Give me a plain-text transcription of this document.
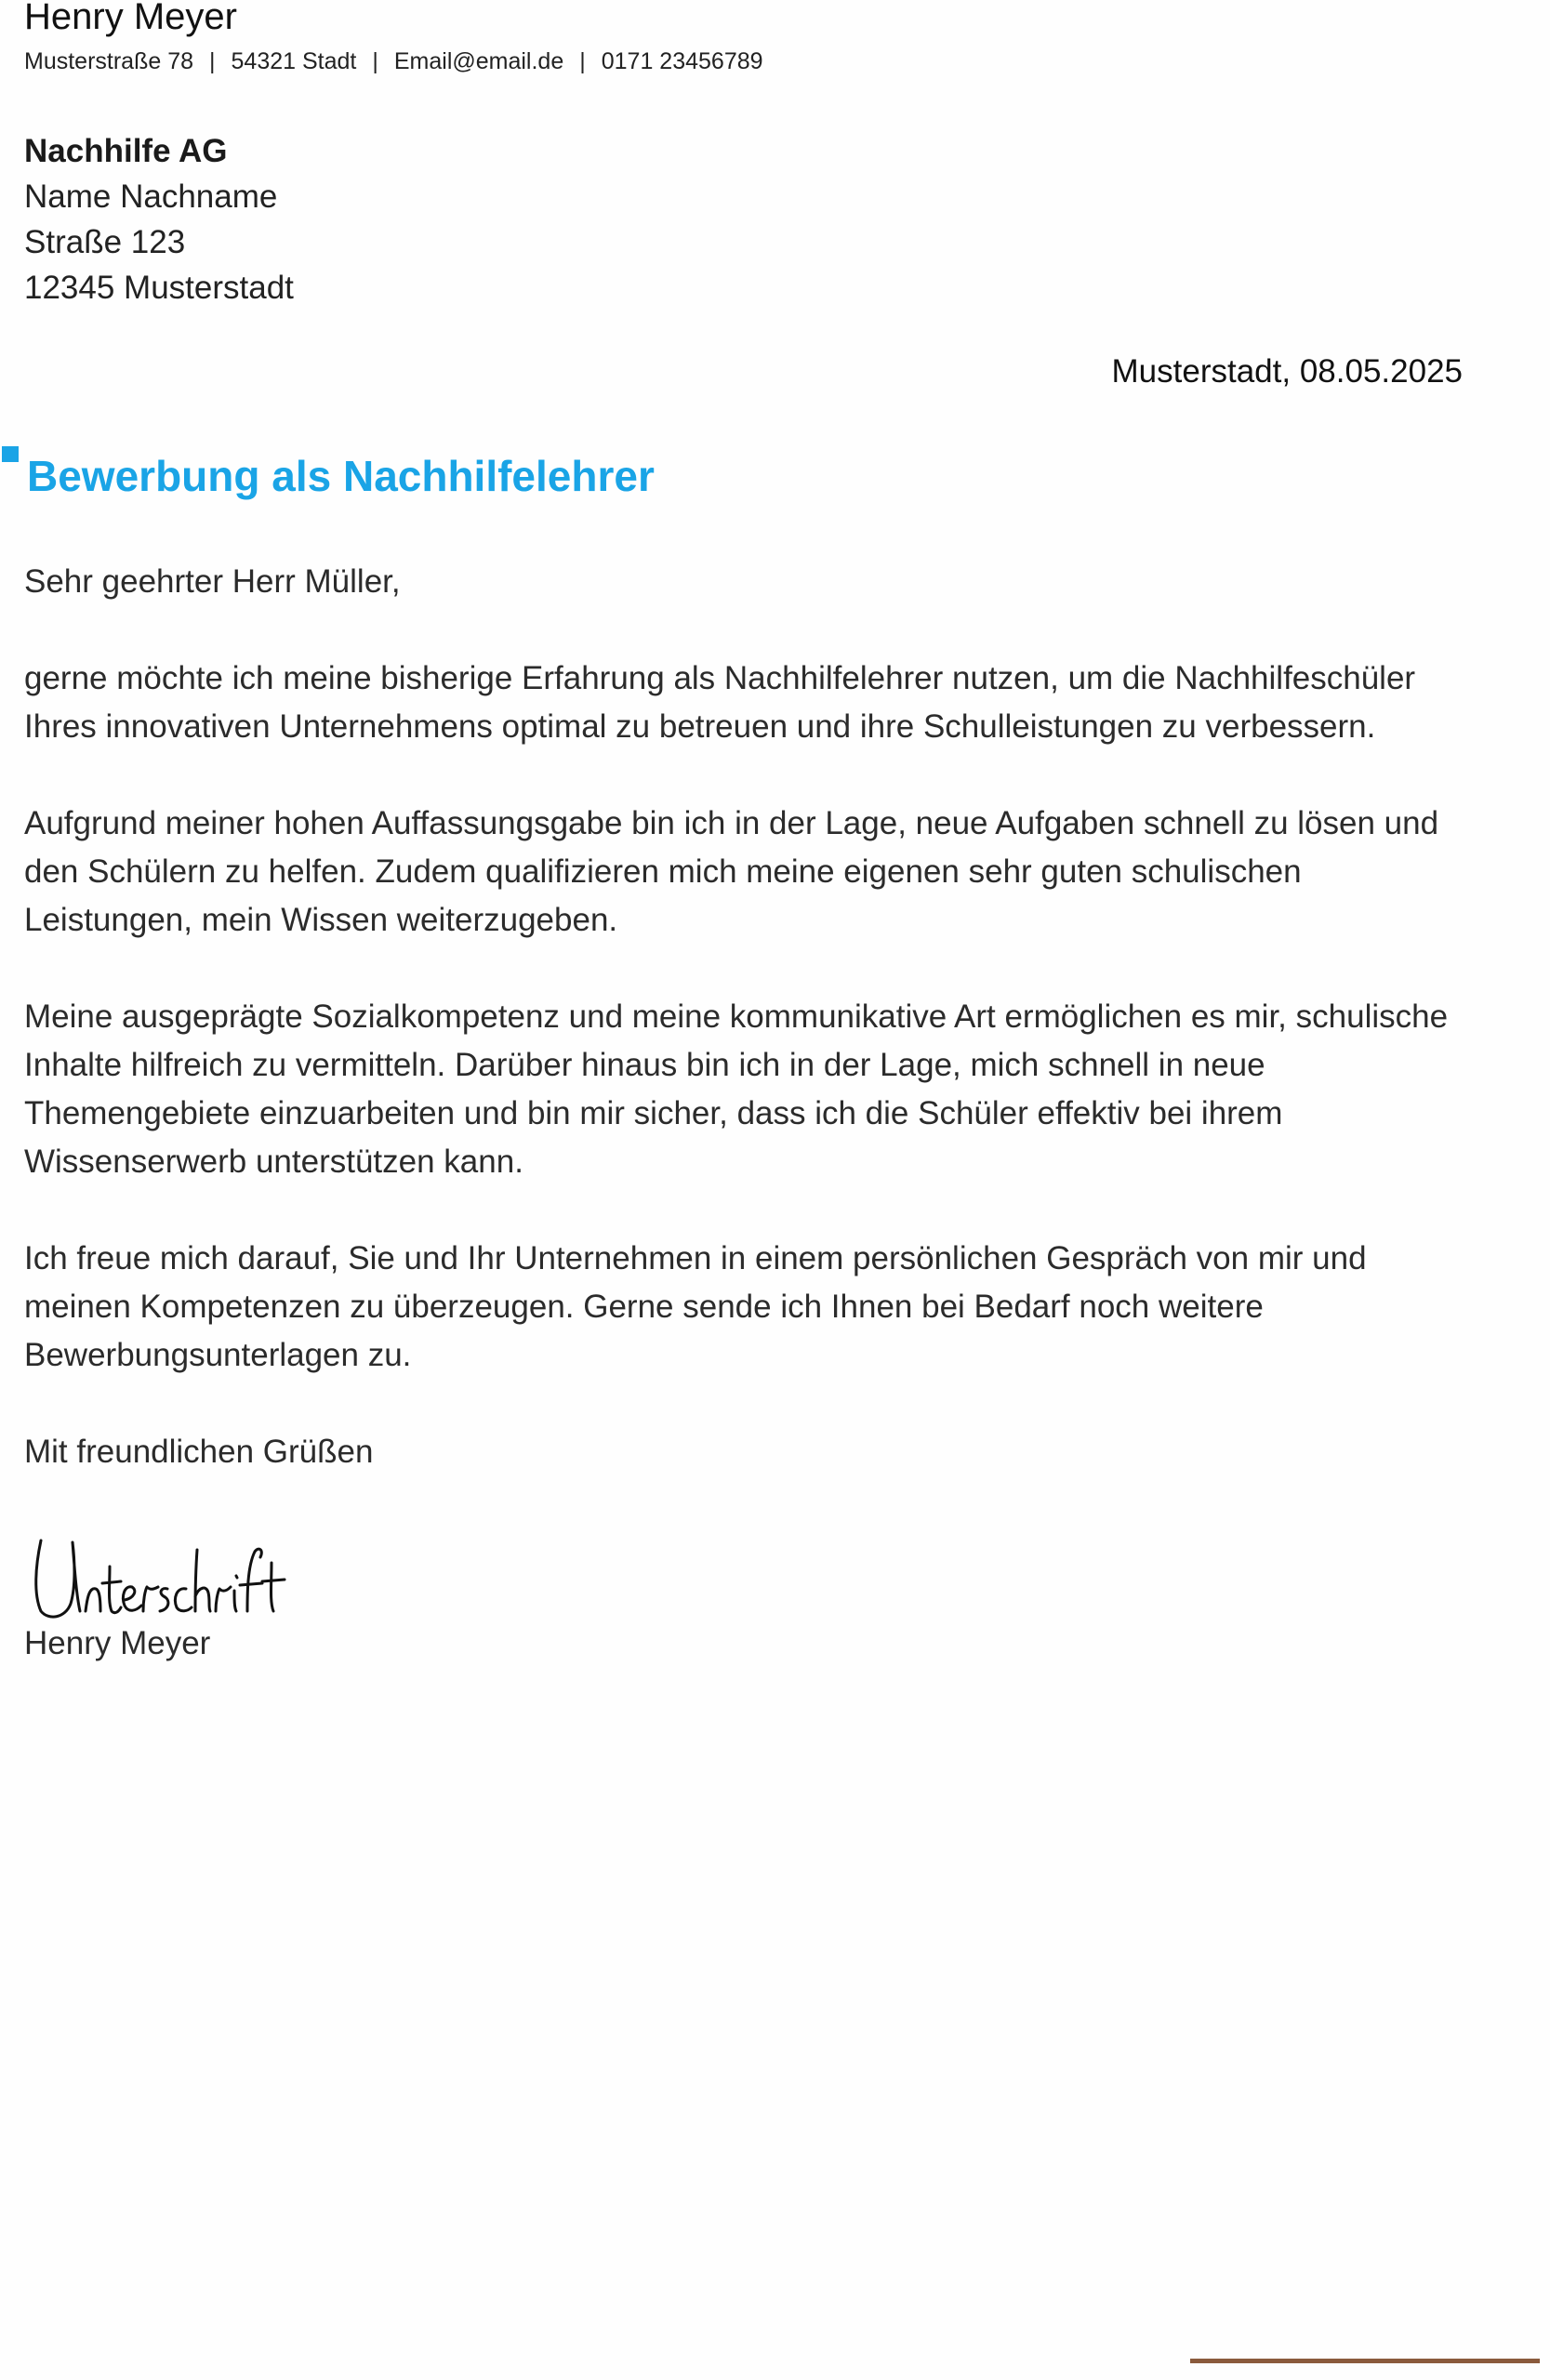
Henry Meyer
Musterstraße 78 | 54321 Stadt | Email@email.de | 0171 23456789
Nachhilfe AG
Name Nachname
Straße 123
12345 Musterstadt
Musterstadt, 08.05.2025
Bewerbung als Nachhilfelehrer
Sehr geehrter Herr Müller,

gerne möchte ich meine bisherige Erfahrung als Nachhilfelehrer nutzen, um die Nachhilfeschüler Ihres innovativen Unternehmens optimal zu betreuen und ihre Schulleistungen zu verbessern.

Aufgrund meiner hohen Auffassungsgabe bin ich in der Lage, neue Aufgaben schnell zu lösen und den Schülern zu helfen. Zudem qualifizieren mich meine eigenen sehr guten schulischen Leistungen, mein Wissen weiterzugeben.

Meine ausgeprägte Sozialkompetenz und meine kommunikative Art ermöglichen es mir, schulische Inhalte hilfreich zu vermitteln. Darüber hinaus bin ich in der Lage, mich schnell in neue Themengebiete einzuarbeiten und bin mir sicher, dass ich die Schüler effektiv bei ihrem Wissenserwerb unterstützen kann.

Ich freue mich darauf, Sie und Ihr Unternehmen in einem persönlichen Gespräch von mir und meinen Kompetenzen zu überzeugen. Gerne sende ich Ihnen bei Bedarf noch weitere Bewerbungsunterlagen zu.

Mit freundlichen Grüßen
Henry Meyer
